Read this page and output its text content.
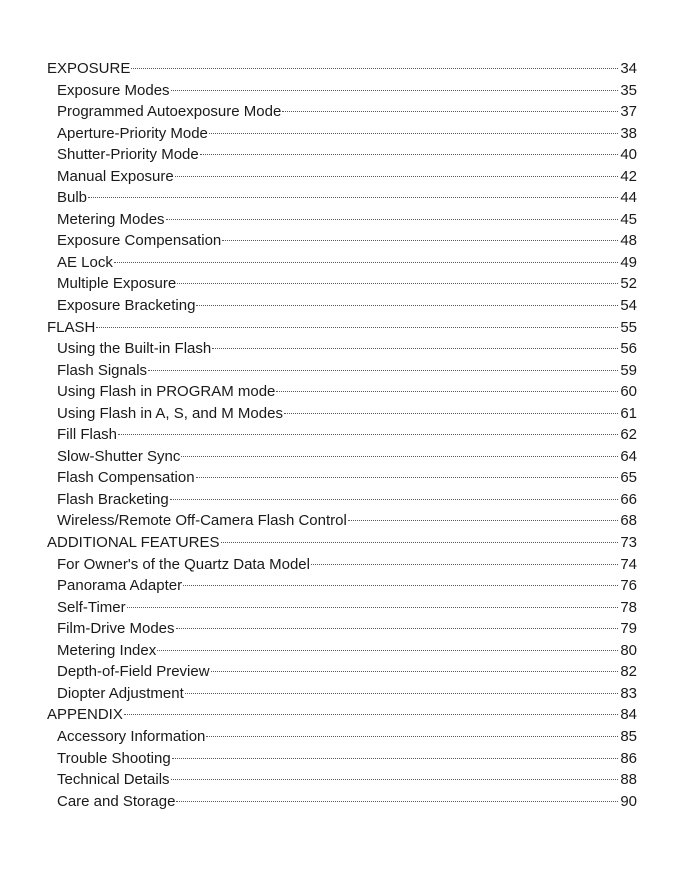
EXPOSURE	34
Exposure Modes	35
Programmed Autoexposure Mode	37
Aperture-Priority Mode	38
Shutter-Priority Mode	40
Manual Exposure	42
Bulb	44
Metering Modes	45
Exposure Compensation	48
AE Lock	49
Multiple Exposure	52
Exposure Bracketing	54
FLASH	55
Using the Built-in Flash	56
Flash Signals	59
Using Flash in PROGRAM mode	60
Using Flash in A, S, and M Modes	61
Fill Flash	62
Slow-Shutter Sync	64
Flash Compensation	65
Flash Bracketing	66
Wireless/Remote Off-Camera Flash Control	68
ADDITIONAL FEATURES	73
For Owner's of the Quartz Data Model	74
Panorama Adapter	76
Self-Timer	78
Film-Drive Modes	79
Metering Index	80
Depth-of-Field Preview	82
Diopter Adjustment	83
APPENDIX	84
Accessory Information	85
Trouble Shooting	86
Technical Details	88
Care and Storage	90
